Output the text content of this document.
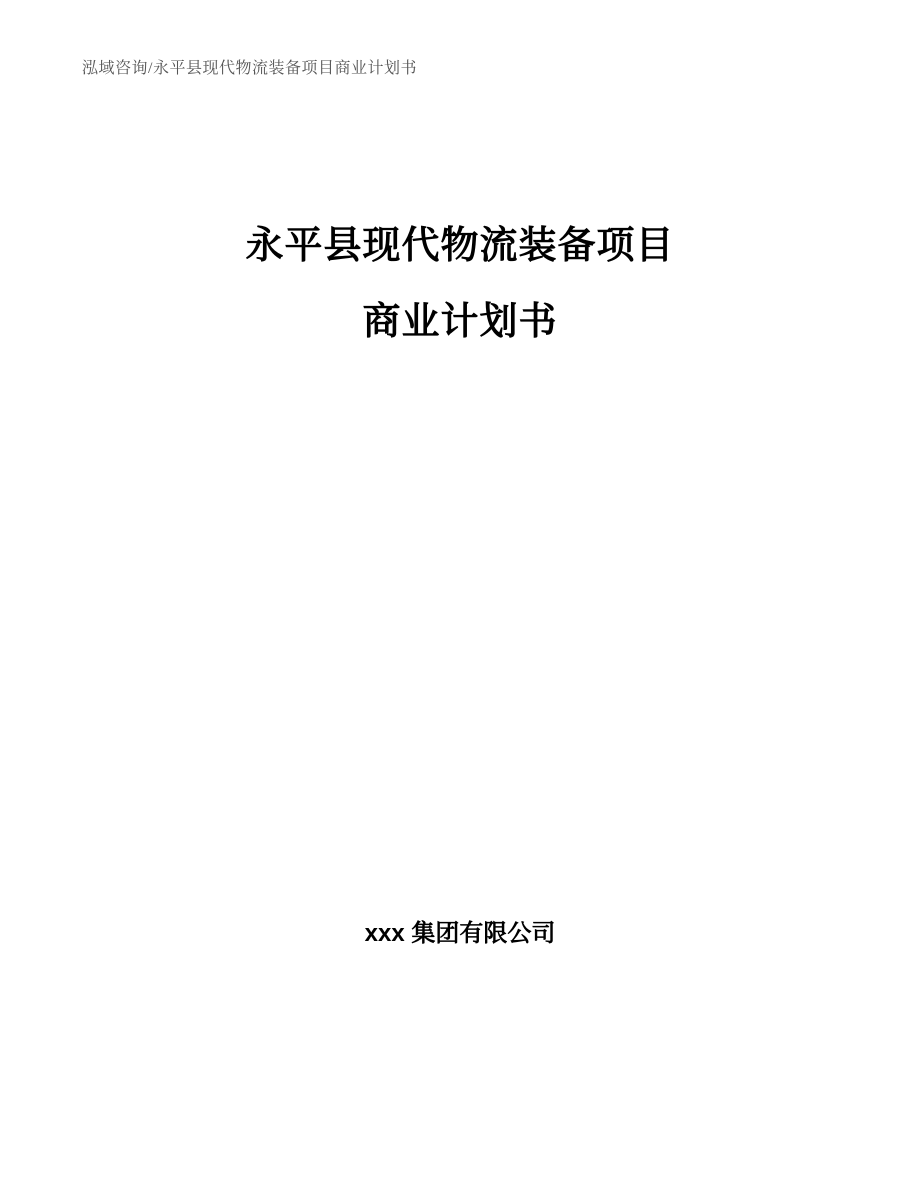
泓域咨询/永平县现代物流装备项目商业计划书
永平县现代物流装备项目
商业计划书
xxx 集团有限公司
